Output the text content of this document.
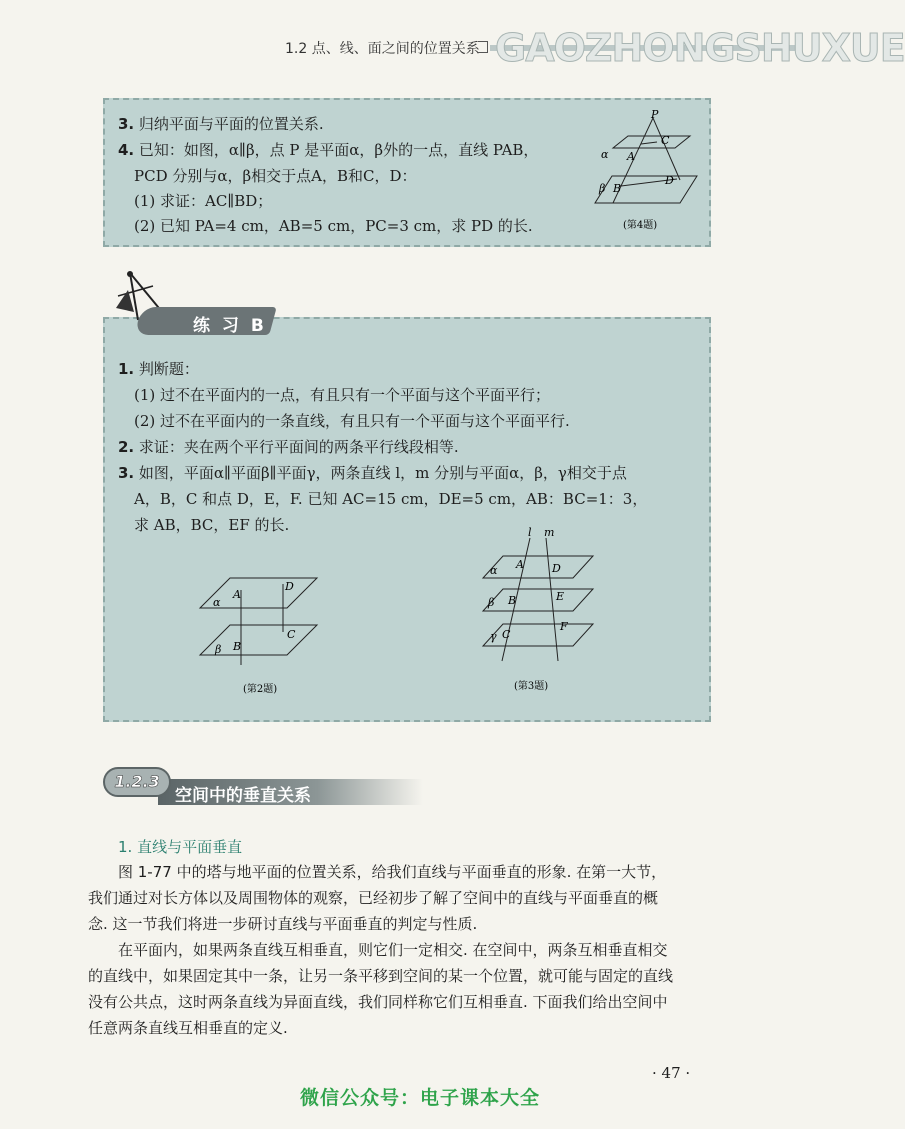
GAOZHONGSHUXUE
1.2 点、线、面之间的位置关系
3. 归纳平面与平面的位置关系.
4. 已知：如图，α∥β，点 P 是平面α，β外的一点，直线 PAB，
PCD 分别与α，β相交于点A，B和C，D：
(1) 求证：AC∥BD；
(2) 已知 PA=4 cm，AB=5 cm，PC=3 cm，求 PD 的长.
P
α A
C
β B
D
(第4题)
练 习 B
1. 判断题：
(1) 过不在平面内的一点，有且只有一个平面与这个平面平行；
(2) 过不在平面内的一条直线，有且只有一个平面与这个平面平行.
2. 求证：夹在两个平行平面间的两条平行线段相等.
3. 如图，平面α∥平面β∥平面γ，两条直线 l，m 分别与平面α，β，γ相交于点
A，B，C 和点 D，E，F. 已知 AC=15 cm，DE=5 cm，AB：BC=1：3，
求 AB，BC，EF 的长.
α
A
D
β B
C
(第2题)
l m
α A	D
β B	E
γ C
F
(第3题)
1.2.3
空间中的垂直关系
1. 直线与平面垂直
图 1-77 中的塔与地平面的位置关系，给我们直线与平面垂直的形象. 在第一大节，
我们通过对长方体以及周围物体的观察，已经初步了解了空间中的直线与平面垂直的概
念. 这一节我们将进一步研讨直线与平面垂直的判定与性质.
在平面内，如果两条直线互相垂直，则它们一定相交. 在空间中，两条互相垂直相交
的直线中，如果固定其中一条，让另一条平移到空间的某一个位置，就可能与固定的直线
没有公共点，这时两条直线为异面直线，我们同样称它们互相垂直. 下面我们给出空间中
任意两条直线互相垂直的定义.
· 47 ·
微信公众号：电子课本大全
